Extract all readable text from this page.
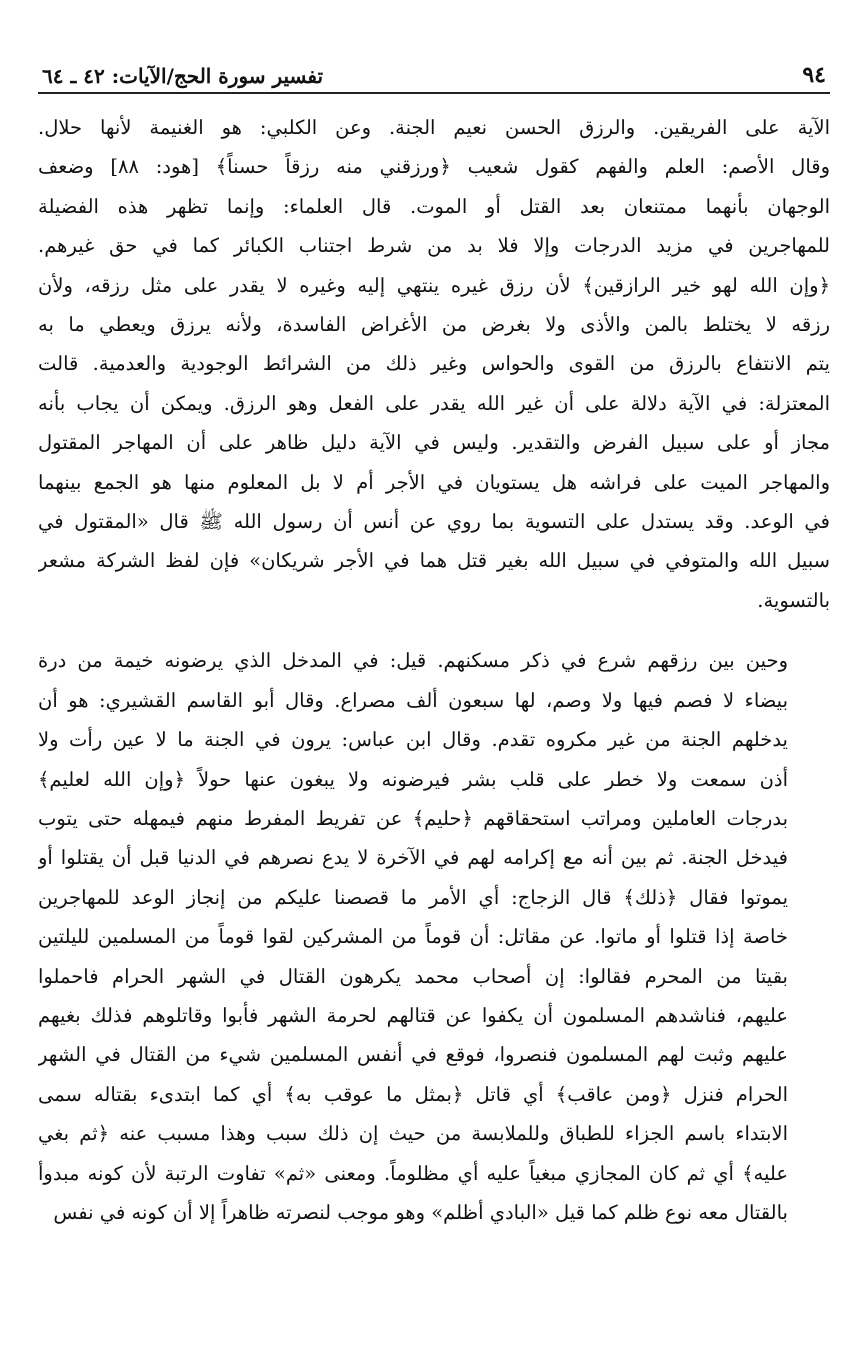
٩٤
تفسير سورة الحج/الآيات: ٤٢ ـ ٦٤

الآية على الفريقين. والرزق الحسن نعيم الجنة. وعن الكلبي: هو الغنيمة لأنها حلال.
وقال الأصم: العلم والفهم كقول شعيب ﴿ورزقني منه رزقاً حسناً﴾ [هود: ٨٨] وضعف
الوجهان بأنهما ممتنعان بعد القتل أو الموت. قال العلماء: وإنما تظهر هذه الفضيلة
للمهاجرين في مزيد الدرجات وإلا فلا بد من شرط اجتناب الكبائر كما في حق غيرهم.
﴿وإن الله لهو خير الرازقين﴾ لأن رزق غيره ينتهي إليه وغيره لا يقدر على مثل رزقه، ولأن
رزقه لا يختلط بالمن والأذى ولا بغرض من الأغراض الفاسدة، ولأنه يرزق ويعطي ما به
يتم الانتفاع بالرزق من القوى والحواس وغير ذلك من الشرائط الوجودية والعدمية. قالت
المعتزلة: في الآية دلالة على أن غير الله يقدر على الفعل وهو الرزق. ويمكن أن يجاب بأنه
مجاز أو على سبيل الفرض والتقدير. وليس في الآية دليل ظاهر على أن المهاجر المقتول
والمهاجر الميت على فراشه هل يستويان في الأجر أم لا بل المعلوم منها هو الجمع بينهما
في الوعد. وقد يستدل على التسوية بما روي عن أنس أن رسول الله ﷺ قال «المقتول في
سبيل الله والمتوفي في سبيل الله بغير قتل هما في الأجر شريكان» فإن لفظ الشركة مشعر
بالتسوية.

وحين بين رزقهم شرع في ذكر مسكنهم. قيل: في المدخل الذي يرضونه خيمة من درة
بيضاء لا فصم فيها ولا وصم، لها سبعون ألف مصراع. وقال أبو القاسم القشيري: هو أن
يدخلهم الجنة من غير مكروه تقدم. وقال ابن عباس: يرون في الجنة ما لا عين رأت ولا
أذن سمعت ولا خطر على قلب بشر فيرضونه ولا يبغون عنها حولاً ﴿وإن الله لعليم﴾
بدرجات العاملين ومراتب استحقاقهم ﴿حليم﴾ عن تفريط المفرط منهم فيمهله حتى يتوب
فيدخل الجنة. ثم بين أنه مع إكرامه لهم في الآخرة لا يدع نصرهم في الدنيا قبل أن يقتلوا أو
يموتوا فقال ﴿ذلك﴾ قال الزجاج: أي الأمر ما قصصنا عليكم من إنجاز الوعد للمهاجرين
خاصة إذا قتلوا أو ماتوا. عن مقاتل: أن قوماً من المشركين لقوا قوماً من المسلمين لليلتين
بقيتا من المحرم فقالوا: إن أصحاب محمد يكرهون القتال في الشهر الحرام فاحملوا
عليهم، فناشدهم المسلمون أن يكفوا عن قتالهم لحرمة الشهر فأبوا وقاتلوهم فذلك بغيهم
عليهم وثبت لهم المسلمون فنصروا، فوقع في أنفس المسلمين شيء من القتال في الشهر
الحرام فنزل ﴿ومن عاقب﴾ أي قاتل ﴿بمثل ما عوقب به﴾ أي كما ابتدىء بقتاله سمى
الابتداء باسم الجزاء للطباق وللملابسة من حيث إن ذلك سبب وهذا مسبب عنه ﴿ثم بغي
عليه﴾ أي ثم كان المجازي مبغياً عليه أي مظلوماً. ومعنى «ثم» تفاوت الرتبة لأن كونه مبدوأ
بالقتال معه نوع ظلم كما قيل «البادي أظلم» وهو موجب لنصرته ظاهراً إلا أن كونه في نفس
